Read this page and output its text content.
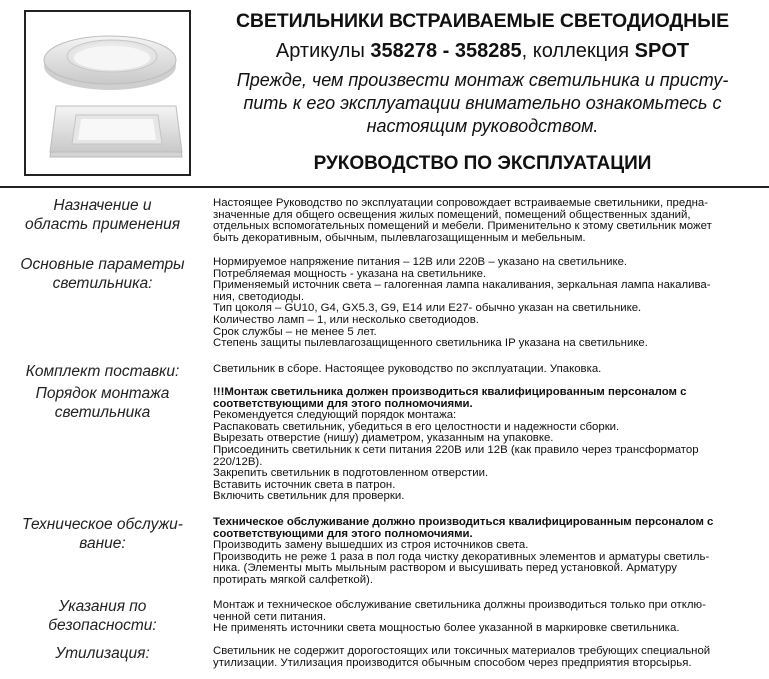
СВЕТИЛЬНИКИ ВСТРАИВАЕМЫЕ СВЕТОДИОДНЫЕ
Артикулы 358278 - 358285, коллекция SPOT
Прежде, чем произвести монтаж светильника и присту-
пить к его эксплуатации внимательно ознакомьтесь с
настоящим руководством.
РУКОВОДСТВО ПО ЭКСПЛУАТАЦИИ
Назначение и
область применения
Настоящее Руководство по эксплуатации сопровождает встраиваемые светильники, предна-
значенные для общего освещения жилых помещений, помещений общественных зданий,
отдельных вспомогательных помещений и мебели. Применительно к этому светильник может
быть декоративным, обычным, пылевлагозащищенным и мебельным.
Основные параметры
светильника:
Нормируемое напряжение питания – 12В или 220В – указано на светильнике.
Потребляемая мощность - указана на светильнике.
Применяемый источник света – галогенная лампа накаливания, зеркальная лампа накалива-
ния, светодиоды.
Тип цоколя – GU10, G4, GX5.3, G9, E14 или E27- обычно указан на светильнике.
Количество ламп – 1, или несколько светодиодов.
Срок службы – не менее 5 лет.
Степень защиты пылевлагозащищенного светильника IP указана на светильнике.
Комплект поставки:	Светильник в сборе. Настоящее руководство по эксплуатации. Упаковка.
Порядок монтажа
светильника
!!!Монтаж светильника должен производиться квалифицированным персоналом с
соответствующими для этого полномочиями.
Рекомендуется следующий порядок монтажа:
Распаковать светильник, убедиться в его целостности и надежности сборки.
Вырезать отверстие (нишу) диаметром, указанным на упаковке.
Присоединить светильник к сети питания 220В или 12В (как правило через трансформатор
220/12В).
Закрепить светильник в подготовленном отверстии.
Вставить источник света в патрон.
Включить светильник для проверки.
Техническое обслужи-
вание:
Техническое обслуживание должно производиться квалифицированным персоналом с
соответствующими для этого полномочиями.
Производить замену вышедших из строя источников света.
Производить не реже 1 раза в пол года чистку декоративных элементов и арматуры светиль-
ника. (Элементы мыть мыльным раствором и высушивать перед установкой. Арматуру
протирать мягкой салфеткой).
Указания по
безопасности:
Монтаж и техническое обслуживание светильника должны производиться только при отклю-
ченной сети питания.
Не применять источники света мощностью более указанной в маркировке светильника.
Утилизация:	Светильник не содержит дорогостоящих или токсичных материалов требующих специальной
утилизации. Утилизация производится обычным способом через предприятия вторсырья.
